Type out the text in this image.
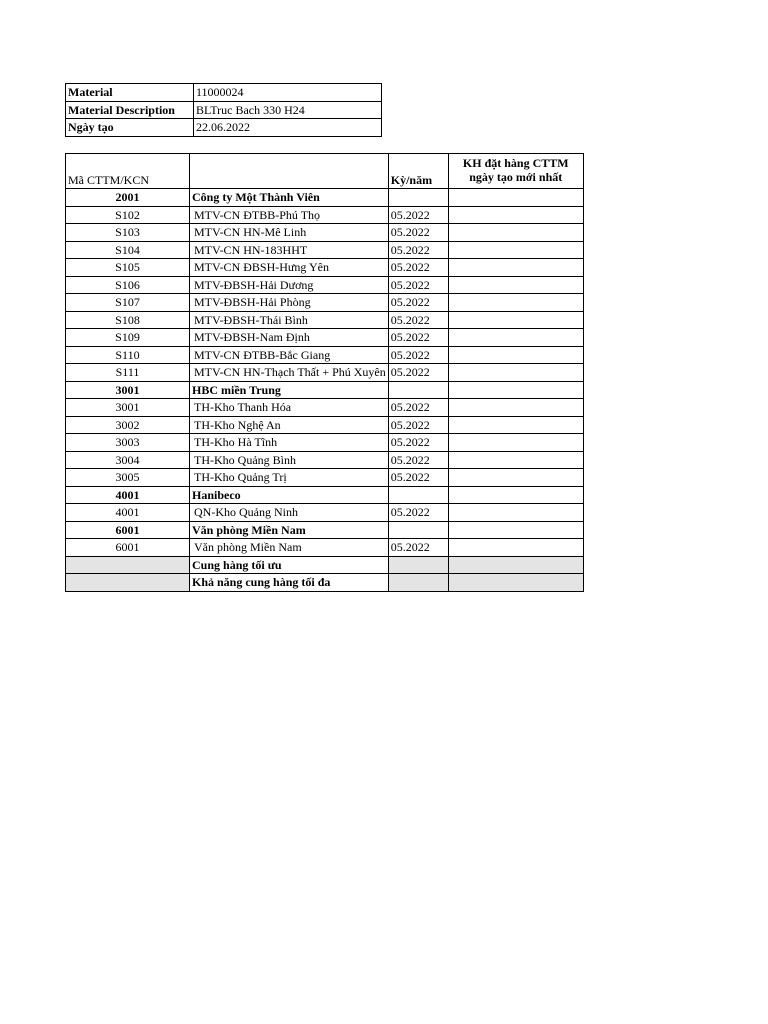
Material	11000024
Material Description	BLTruc Bach 330 H24
Ngày tạo	22.06.2022
Mã CTTM/KCN		Kỳ/năm	KH đặt hàng CTTM
ngày tạo mới nhất
2001	Công ty Một Thành Viên		
S102	MTV-CN ĐTBB-Phú Thọ	05.2022	
S103	MTV-CN HN-Mê Linh	05.2022	
S104	MTV-CN HN-183HHT	05.2022	
S105	MTV-CN ĐBSH-Hưng Yên	05.2022	
S106	MTV-ĐBSH-Hải Dương	05.2022	
S107	MTV-ĐBSH-Hải Phòng	05.2022	
S108	MTV-ĐBSH-Thái Bình	05.2022	
S109	MTV-ĐBSH-Nam Định	05.2022	
S110	MTV-CN ĐTBB-Bắc Giang	05.2022	
S111	MTV-CN HN-Thạch Thất + Phú Xuyên	05.2022	
3001	HBC miền Trung		
3001	TH-Kho Thanh Hóa	05.2022	
3002	TH-Kho Nghệ An	05.2022	
3003	TH-Kho Hà Tĩnh	05.2022	
3004	TH-Kho Quảng Bình	05.2022	
3005	TH-Kho Quảng Trị	05.2022	
4001	Hanibeco		
4001	QN-Kho Quảng Ninh	05.2022	
6001	Văn phòng Miền Nam		
6001	Văn phòng Miền Nam	05.2022	
	Cung hàng tối ưu		
	Khả năng cung hàng tối đa		
